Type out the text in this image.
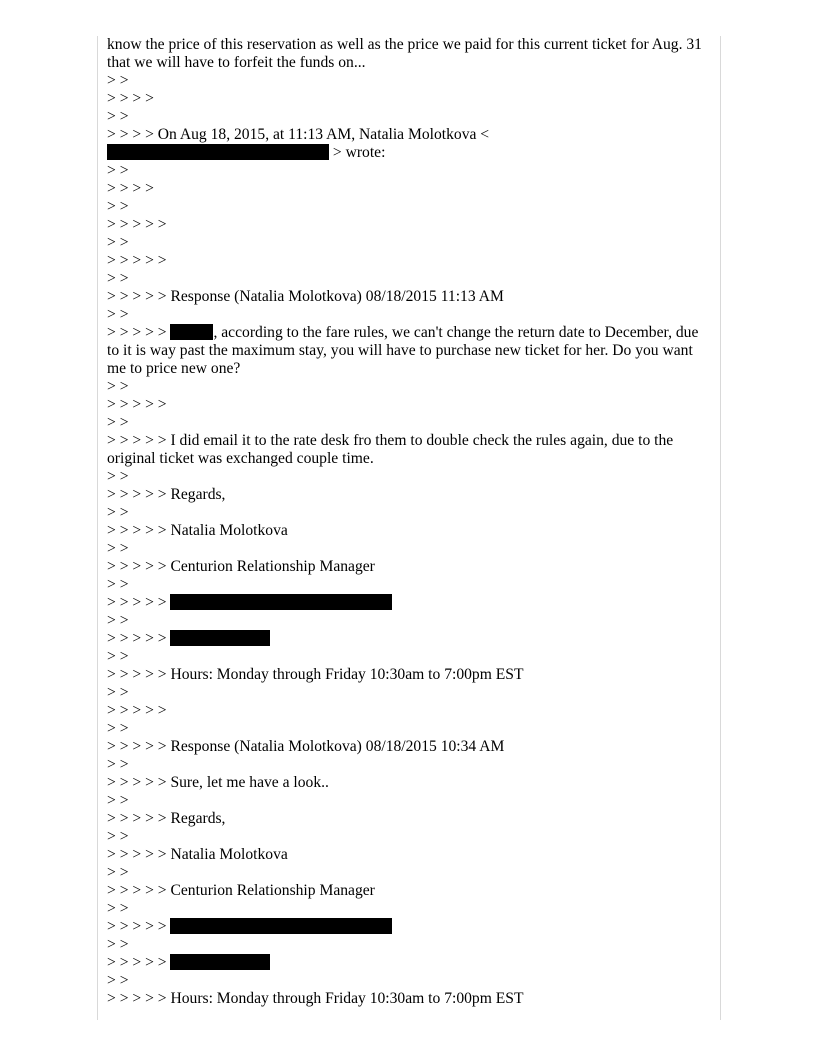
know the price of this reservation as well as the price we paid for this current ticket for Aug. 31 that we will have to forfeit the funds on...
> >
> > > >
> >
> > > > On Aug 18, 2015, at 11:13 AM, Natalia Molotkova <
> wrote:
> >
> > > >
> >
> > > > >
> >
> > > > >
> >
> > > > > Response (Natalia Molotkova) 08/18/2015 11:13 AM
> >
> > > > >	, according to the fare rules, we can't change the return date to December, due to it is way past the maximum stay, you will have to purchase new ticket for her. Do you want me to price new one?
> >
> > > > >
> >
> > > > > I did email it to the rate desk fro them to double check the rules again, due to the original ticket was exchanged couple time.
> >
> > > > > Regards,
> >
> > > > > Natalia Molotkova
> >
> > > > > Centurion Relationship Manager
> >
> > > > >
> >
> > > > >
> >
> > > > > Hours: Monday through Friday 10:30am to 7:00pm EST
> >
> > > > >
> >
> > > > > Response (Natalia Molotkova) 08/18/2015 10:34 AM
> >
> > > > > Sure, let me have a look..
> >
> > > > > Regards,
> >
> > > > > Natalia Molotkova
> >
> > > > > Centurion Relationship Manager
> >
> > > > >
> >
> > > > >
> >
> > > > > Hours: Monday through Friday 10:30am to 7:00pm EST
